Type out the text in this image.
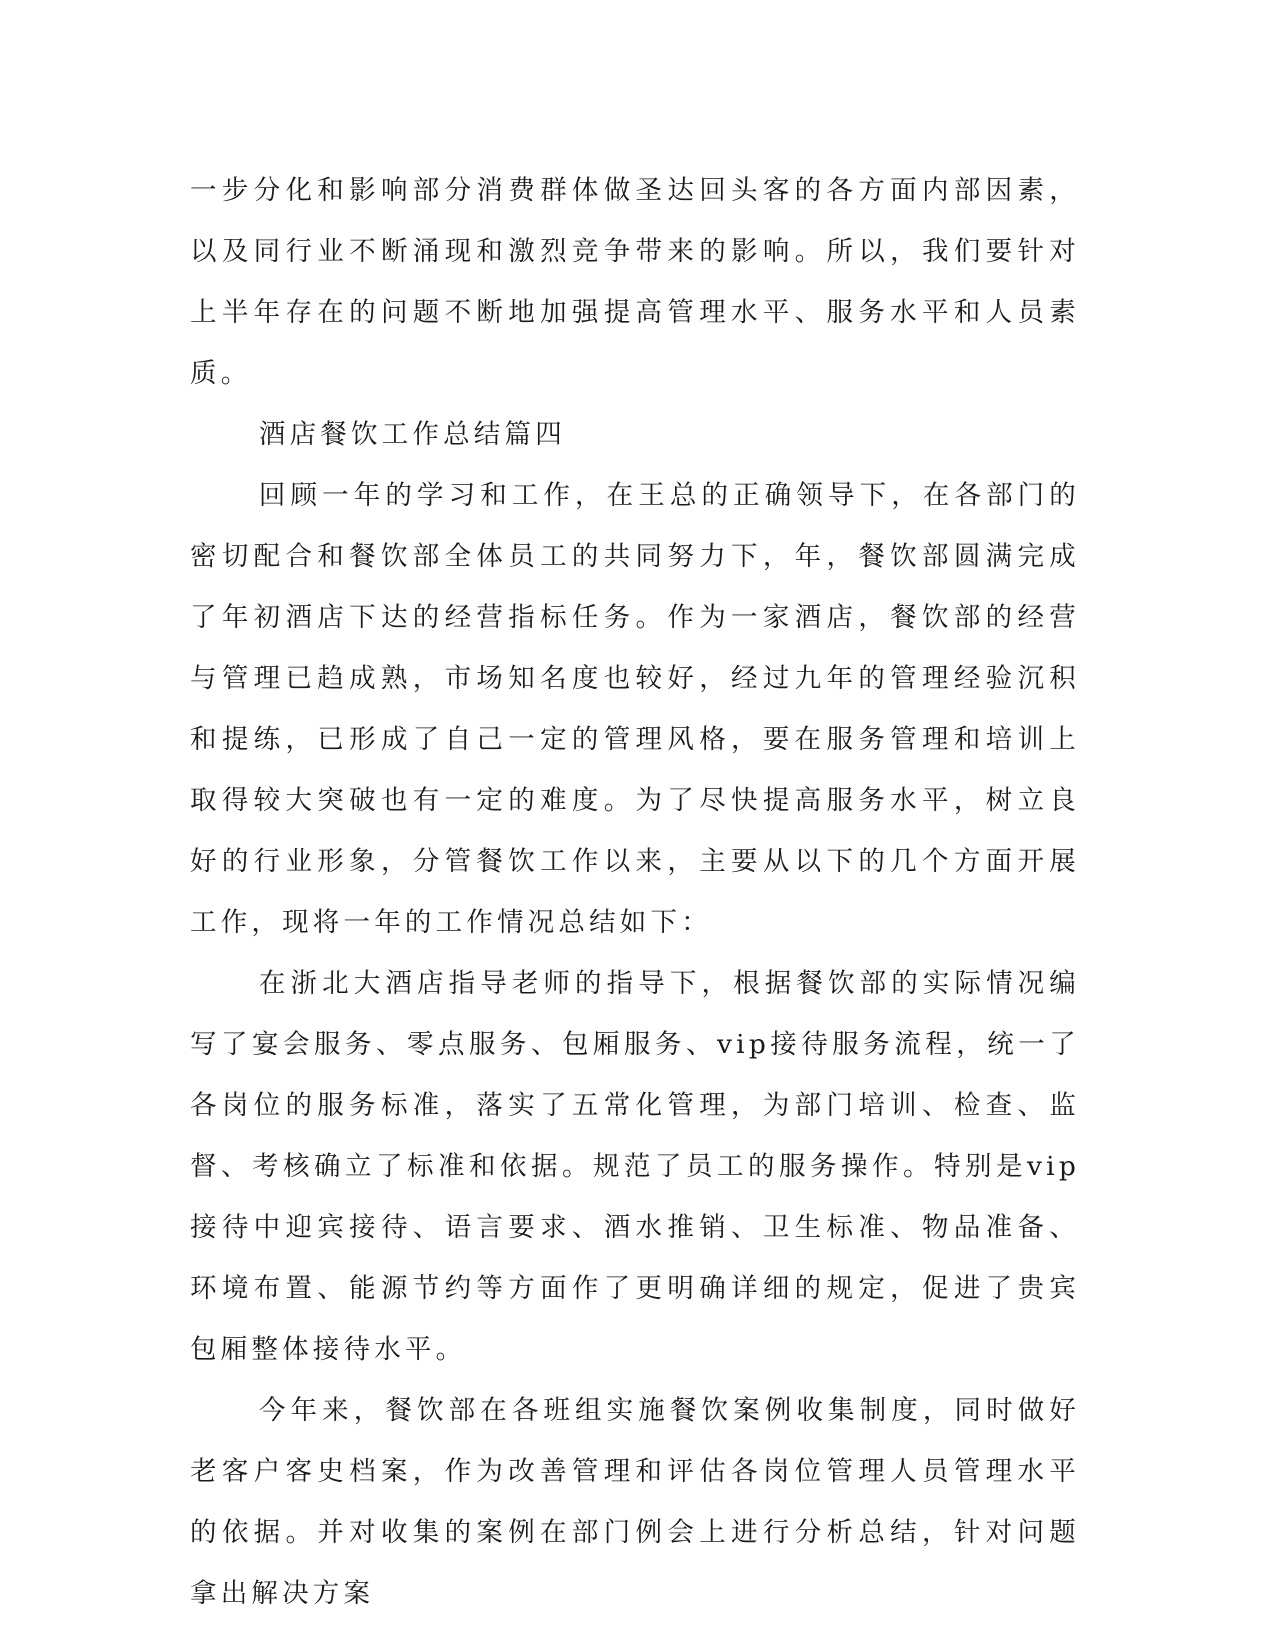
一步分化和影响部分消费群体做圣达回头客的各方面内部因素，以及同行业不断涌现和激烈竞争带来的影响。所以，我们要针对上半年存在的问题不断地加强提高管理水平、服务水平和人员素质。

酒店餐饮工作总结篇四

回顾一年的学习和工作，在王总的正确领导下，在各部门的密切配合和餐饮部全体员工的共同努力下，年，餐饮部圆满完成了年初酒店下达的经营指标任务。作为一家酒店，餐饮部的经营与管理已趋成熟，市场知名度也较好，经过九年的管理经验沉积和提练，已形成了自己一定的管理风格，要在服务管理和培训上取得较大突破也有一定的难度。为了尽快提高服务水平，树立良好的行业形象，分管餐饮工作以来，主要从以下的几个方面开展工作，现将一年的工作情况总结如下：

在浙北大酒店指导老师的指导下，根据餐饮部的实际情况编写了宴会服务、零点服务、包厢服务、vip接待服务流程，统一了各岗位的服务标准，落实了五常化管理，为部门培训、检查、监督、考核确立了标准和依据。规范了员工的服务操作。特别是vip接待中迎宾接待、语言要求、酒水推销、卫生标准、物品准备、环境布置、能源节约等方面作了更明确详细的规定，促进了贵宾包厢整体接待水平。

今年来，餐饮部在各班组实施餐饮案例收集制度，同时做好老客户客史档案，作为改善管理和评估各岗位管理人员管理水平的依据。并对收集的案例在部门例会上进行分析总结，针对问题拿出解决方案
